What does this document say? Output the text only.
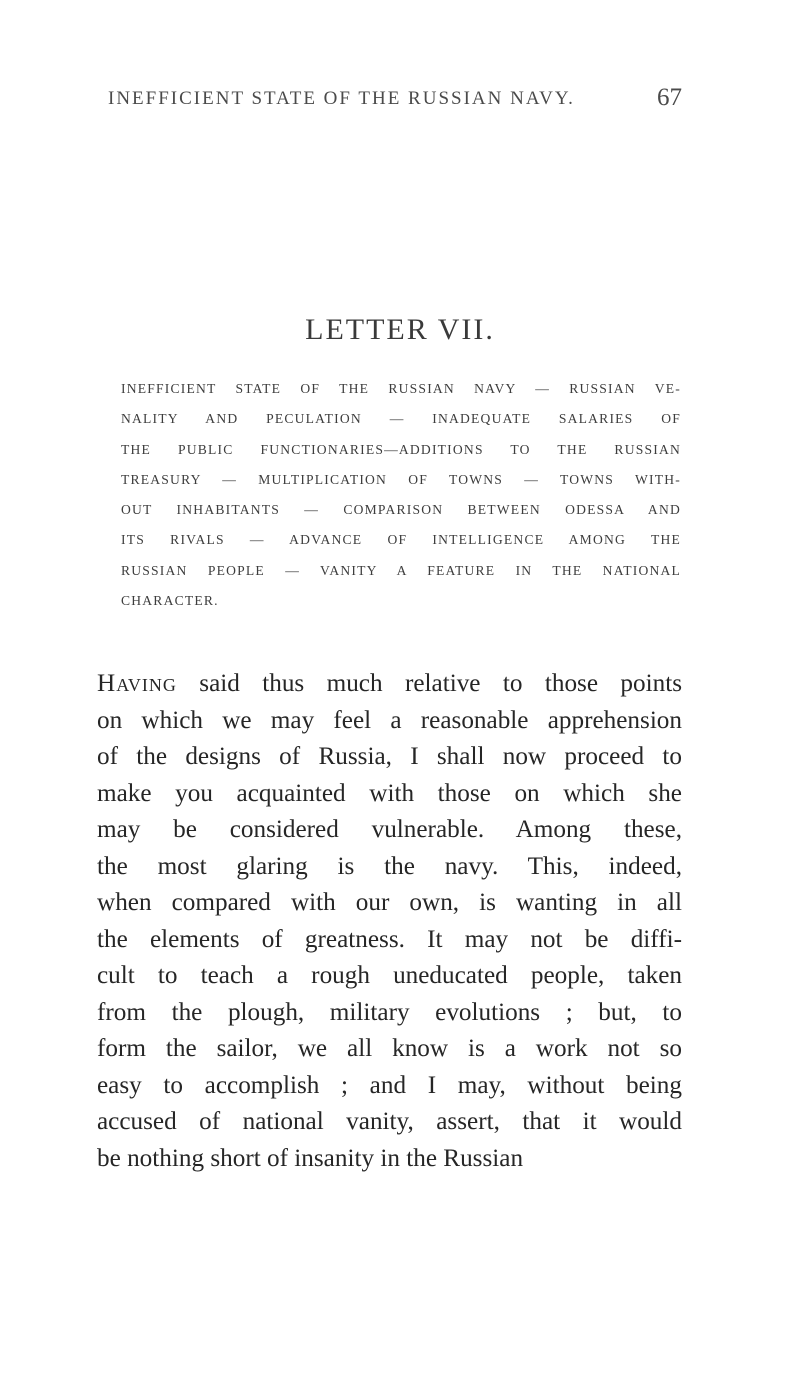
INEFFICIENT STATE OF THE RUSSIAN NAVY.	67
LETTER VII.
INEFFICIENT STATE OF THE RUSSIAN NAVY — RUSSIAN VE-
NALITY AND PECULATION — INADEQUATE SALARIES OF
THE PUBLIC FUNCTIONARIES—ADDITIONS TO THE RUSSIAN
TREASURY — MULTIPLICATION OF TOWNS — TOWNS WITH-
OUT INHABITANTS — COMPARISON BETWEEN ODESSA AND
ITS RIVALS — ADVANCE OF INTELLIGENCE AMONG THE
RUSSIAN PEOPLE — VANITY A FEATURE IN THE NATIONAL
CHARACTER.
Having said thus much relative to those points
on which we may feel a reasonable apprehension
of the designs of Russia, I shall now proceed to
make you acquainted with those on which she
may be considered vulnerable. Among these,
the most glaring is the navy. This, indeed,
when compared with our own, is wanting in all
the elements of greatness. It may not be diffi-
cult to teach a rough uneducated people, taken
from the plough, military evolutions ; but, to
form the sailor, we all know is a work not so
easy to accomplish ; and I may, without being
accused of national vanity, assert, that it would
be nothing short of insanity in the Russian
